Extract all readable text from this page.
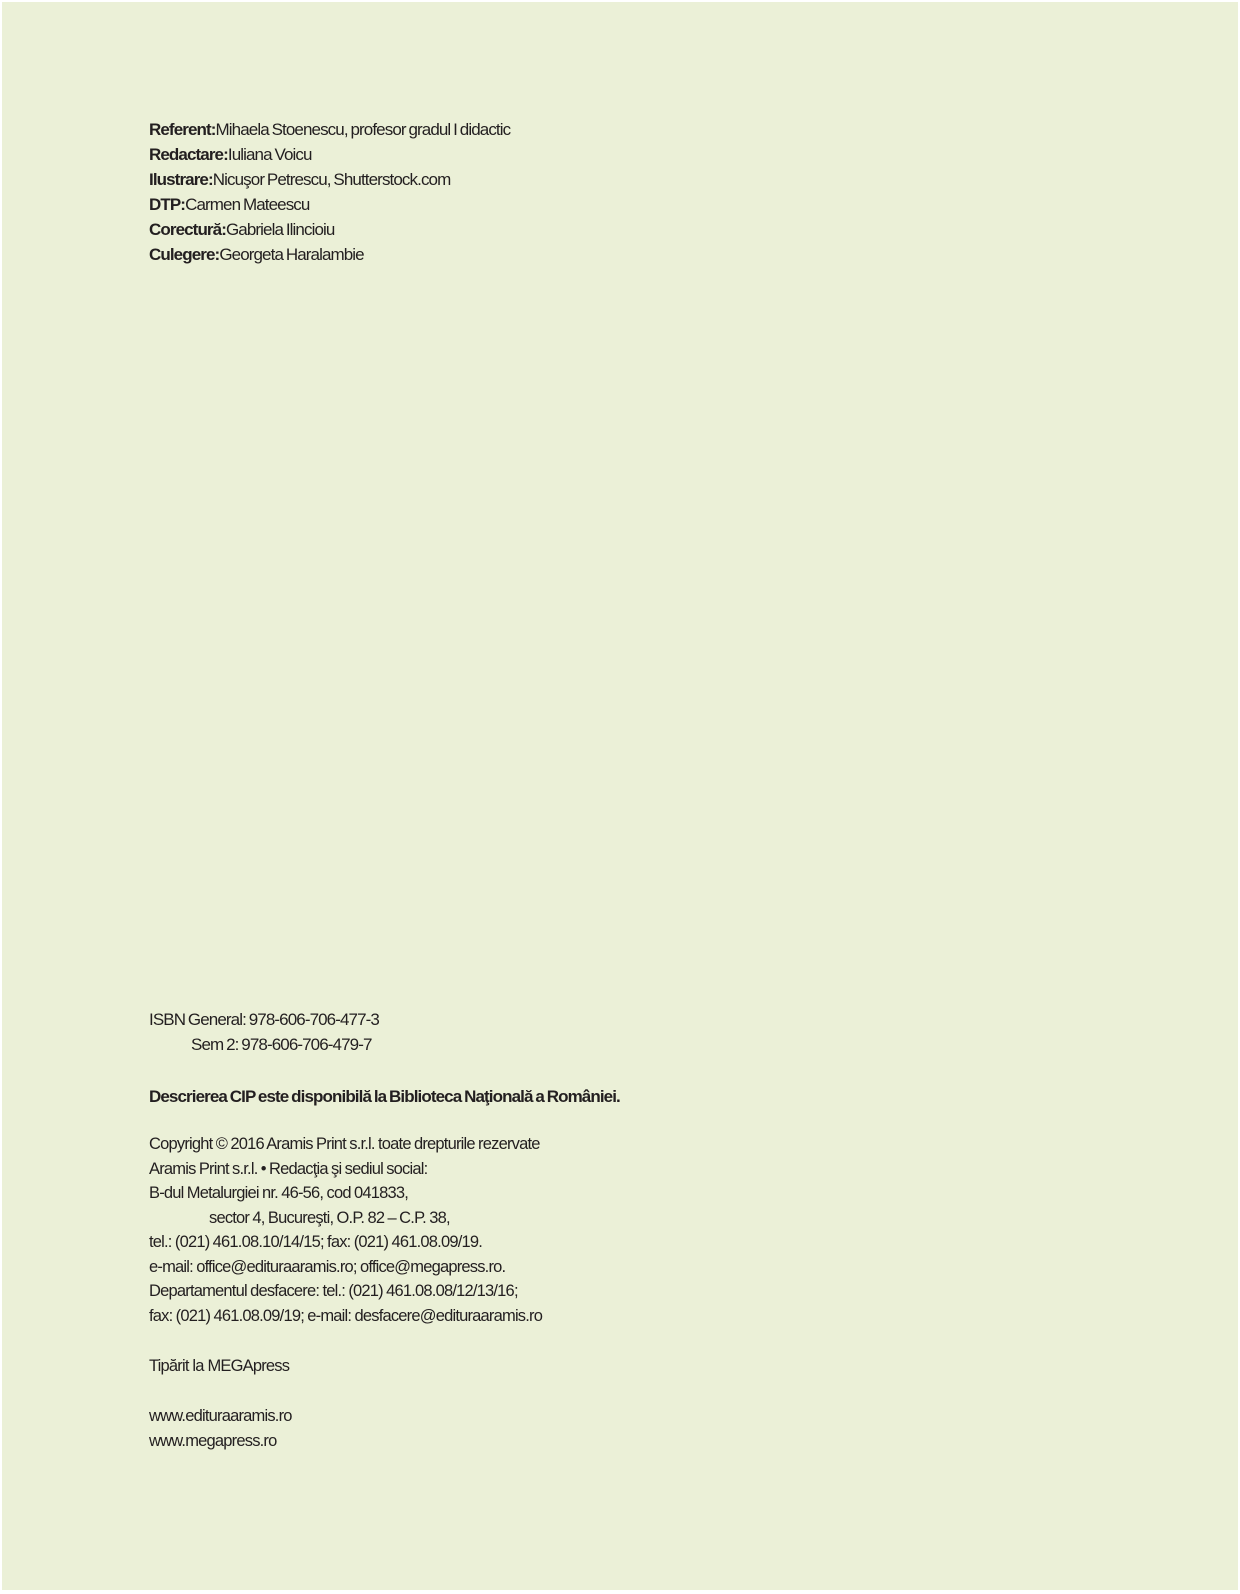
Referent:Mihaela Stoenescu, profesor gradul I didactic
Redactare:Iuliana Voicu
Ilustrare:Nicuşor Petrescu, Shutterstock.com
DTP:Carmen Mateescu
Corectură:Gabriela Ilincioiu
Culegere:Georgeta Haralambie
ISBN General: 978-606-706-477-3
Sem 2: 978-606-706-479-7
Descrierea CIP este disponibilă la Biblioteca Naţională a României.
Copyright © 2016 Aramis Print s.r.l. toate drepturile rezervate
Aramis Print s.r.l. • Redacţia şi sediul social:
B-dul Metalurgiei nr. 46-56, cod 041833,
sector 4, Bucureşti, O.P. 82 – C.P. 38,
tel.: (021) 461.08.10/14/15; fax: (021) 461.08.09/19.
e-mail: office@edituraaramis.ro; office@megapress.ro.
Departamentul desfacere: tel.: (021) 461.08.08/12/13/16;
fax: (021) 461.08.09/19; e-mail: desfacere@edituraaramis.ro
Tipărit la MEGApress
www.edituraaramis.ro
www.megapress.ro
